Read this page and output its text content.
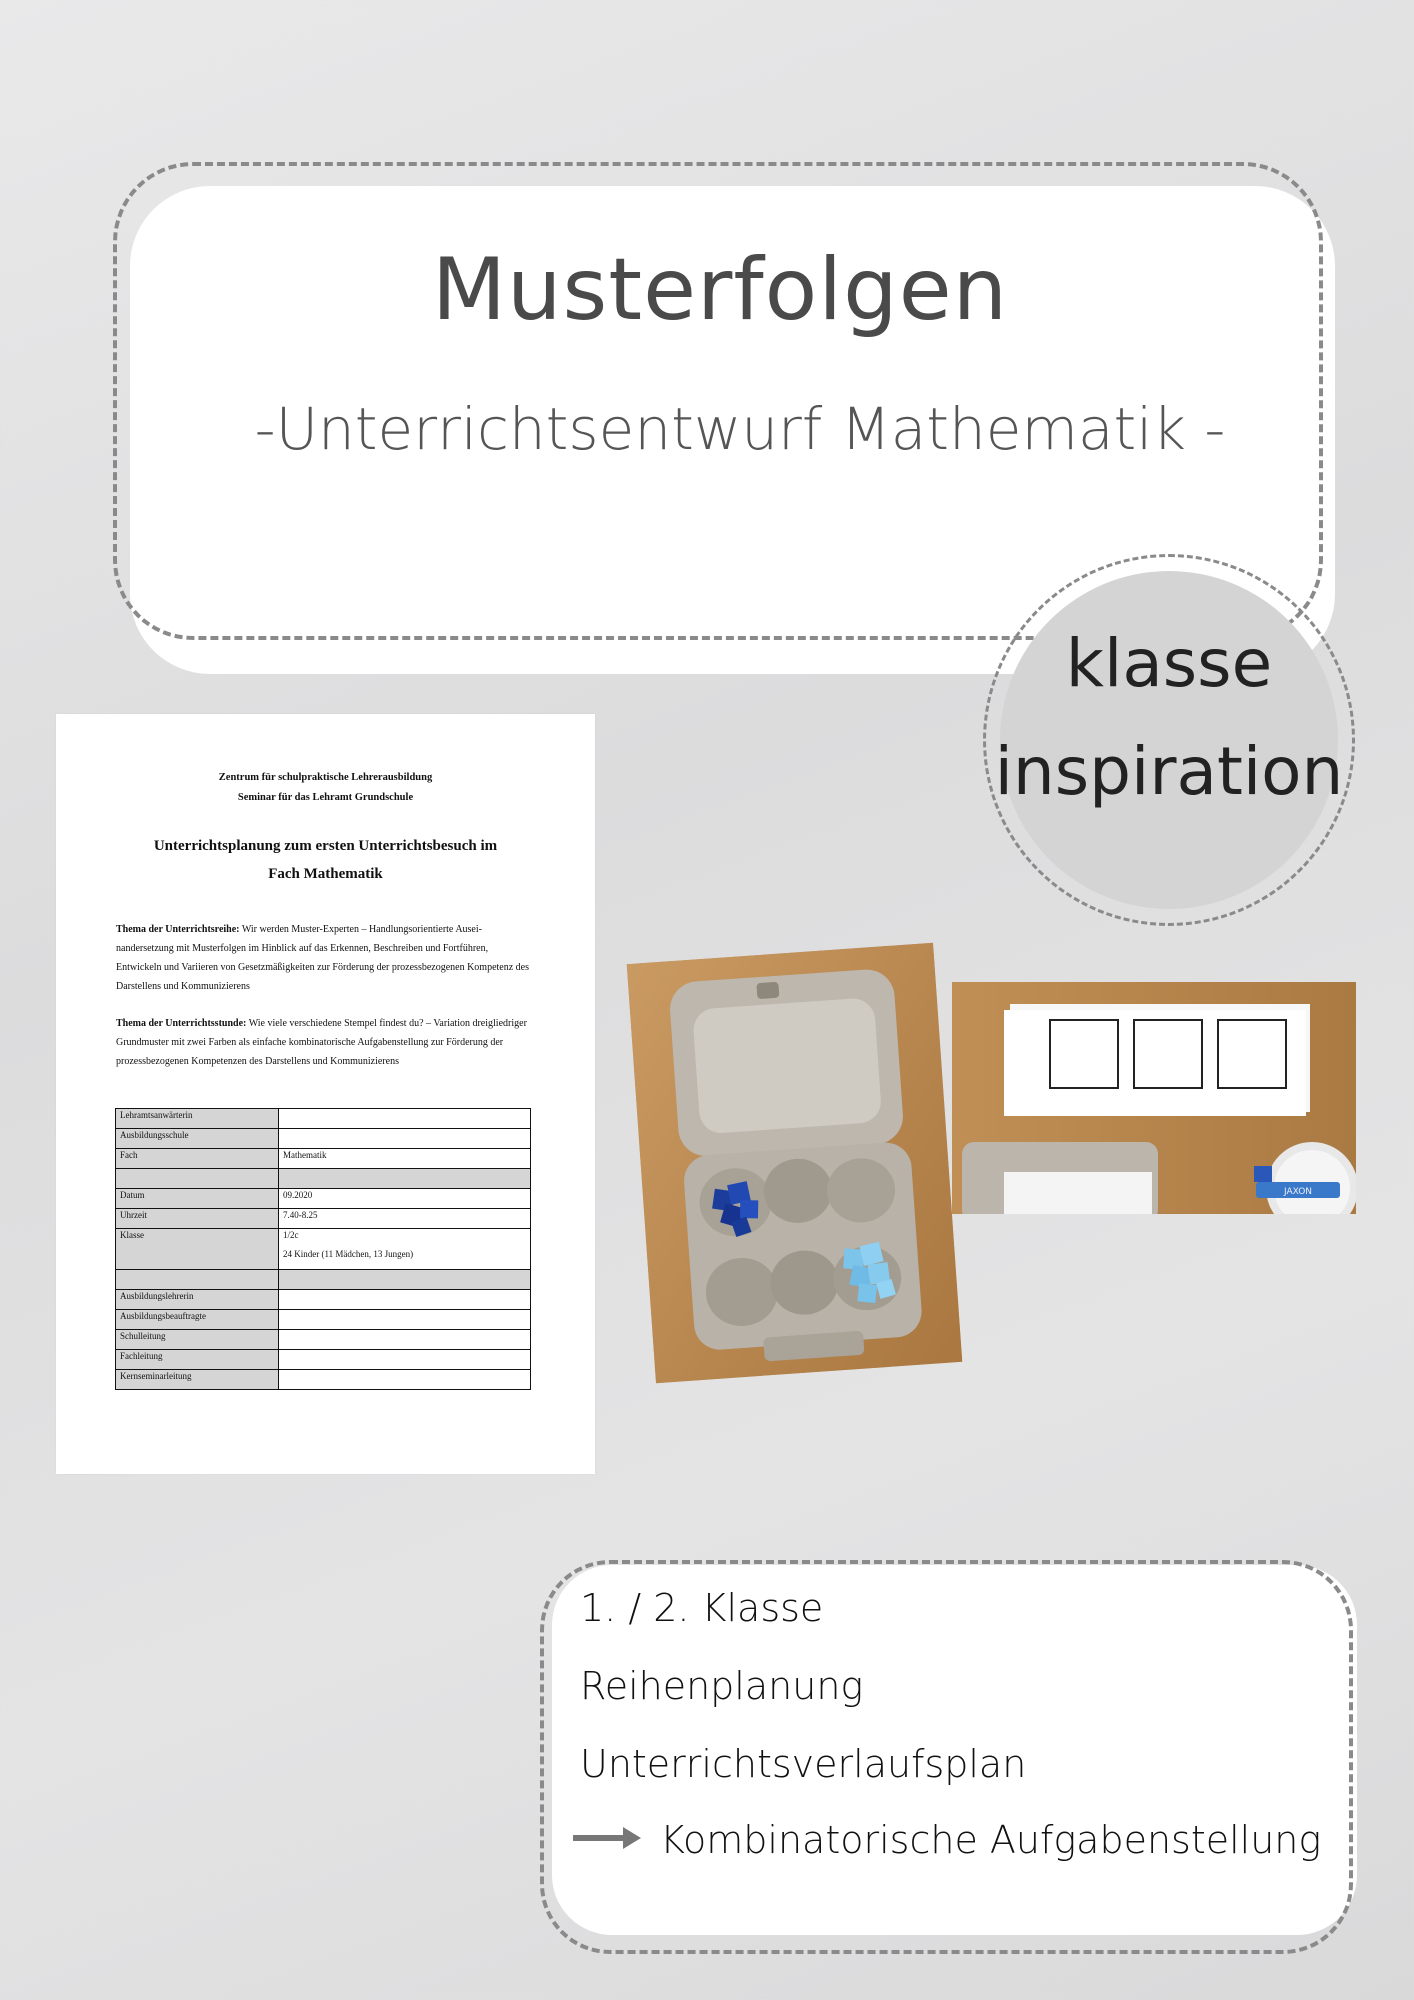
Musterfolgen
-Unterrichtsentwurf Mathematik -
klasse
inspiration
Zentrum für schulpraktische Lehrerausbildung
Seminar für das Lehramt Grundschule
Unterrichtsplanung zum ersten Unterrichtsbesuch im
Fach Mathematik
Thema der Unterrichtsreihe: Wir werden Muster-Experten – Handlungsorientierte Ausei-nandersetzung mit Musterfolgen im Hinblick auf das Erkennen, Beschreiben und Fortführen, Entwickeln und Variieren von Gesetzmäßigkeiten zur Förderung der prozessbezogenen Kompetenz des Darstellens und Kommunizierens
Thema der Unterrichtsstunde: Wie viele verschiedene Stempel findest du? – Variation dreigliedriger Grundmuster mit zwei Farben als einfache kombinatorische Aufgabenstellung zur Förderung der prozessbezogenen Kompetenzen des Darstellens und Kommunizierens
Lehramtsanwärterin	
Ausbildungsschule	
Fach	Mathematik

Datum	09.2020
Uhrzeit	7.40-8.25
Klasse	1/2c
24 Kinder (11 Mädchen, 13 Jungen)

Ausbildungslehrerin	
Ausbildungsbeauftragte	
Schulleitung	
Fachleitung	
Kernseminarleitung	
JAXON
1. / 2. Klasse
Reihenplanung
Unterrichtsverlaufsplan
Kombinatorische Aufgabenstellung
